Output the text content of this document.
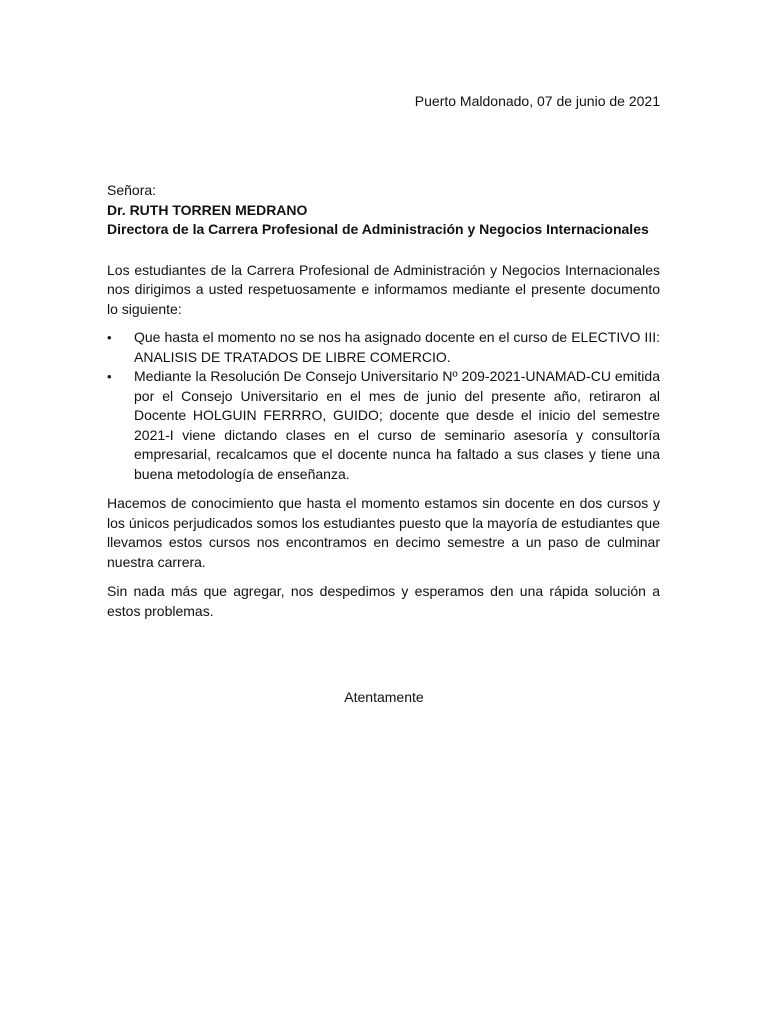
Puerto Maldonado, 07 de junio de 2021
Señora:
Dr. RUTH TORREN MEDRANO
Directora de la Carrera Profesional de Administración y Negocios Internacionales

Los estudiantes de la Carrera Profesional de Administración y Negocios Internacionales nos dirigimos a usted respetuosamente e informamos mediante el presente documento lo siguiente:

• Que hasta el momento no se nos ha asignado docente en el curso de ELECTIVO III: ANALISIS DE TRATADOS DE LIBRE COMERCIO.
• Mediante la Resolución De Consejo Universitario Nº 209-2021-UNAMAD-CU emitida por el Consejo Universitario en el mes de junio del presente año, retiraron al Docente HOLGUIN FERRRO, GUIDO; docente que desde el inicio del semestre 2021-I viene dictando clases en el curso de seminario asesoría y consultoría empresarial, recalcamos que el docente nunca ha faltado a sus clases y tiene una buena metodología de enseñanza.

Hacemos de conocimiento que hasta el momento estamos sin docente en dos cursos y los únicos perjudicados somos los estudiantes puesto que la mayoría de estudiantes que llevamos estos cursos nos encontramos en decimo semestre a un paso de culminar nuestra carrera.

Sin nada más que agregar, nos despedimos y esperamos den una rápida solución a estos problemas.

Atentamente
